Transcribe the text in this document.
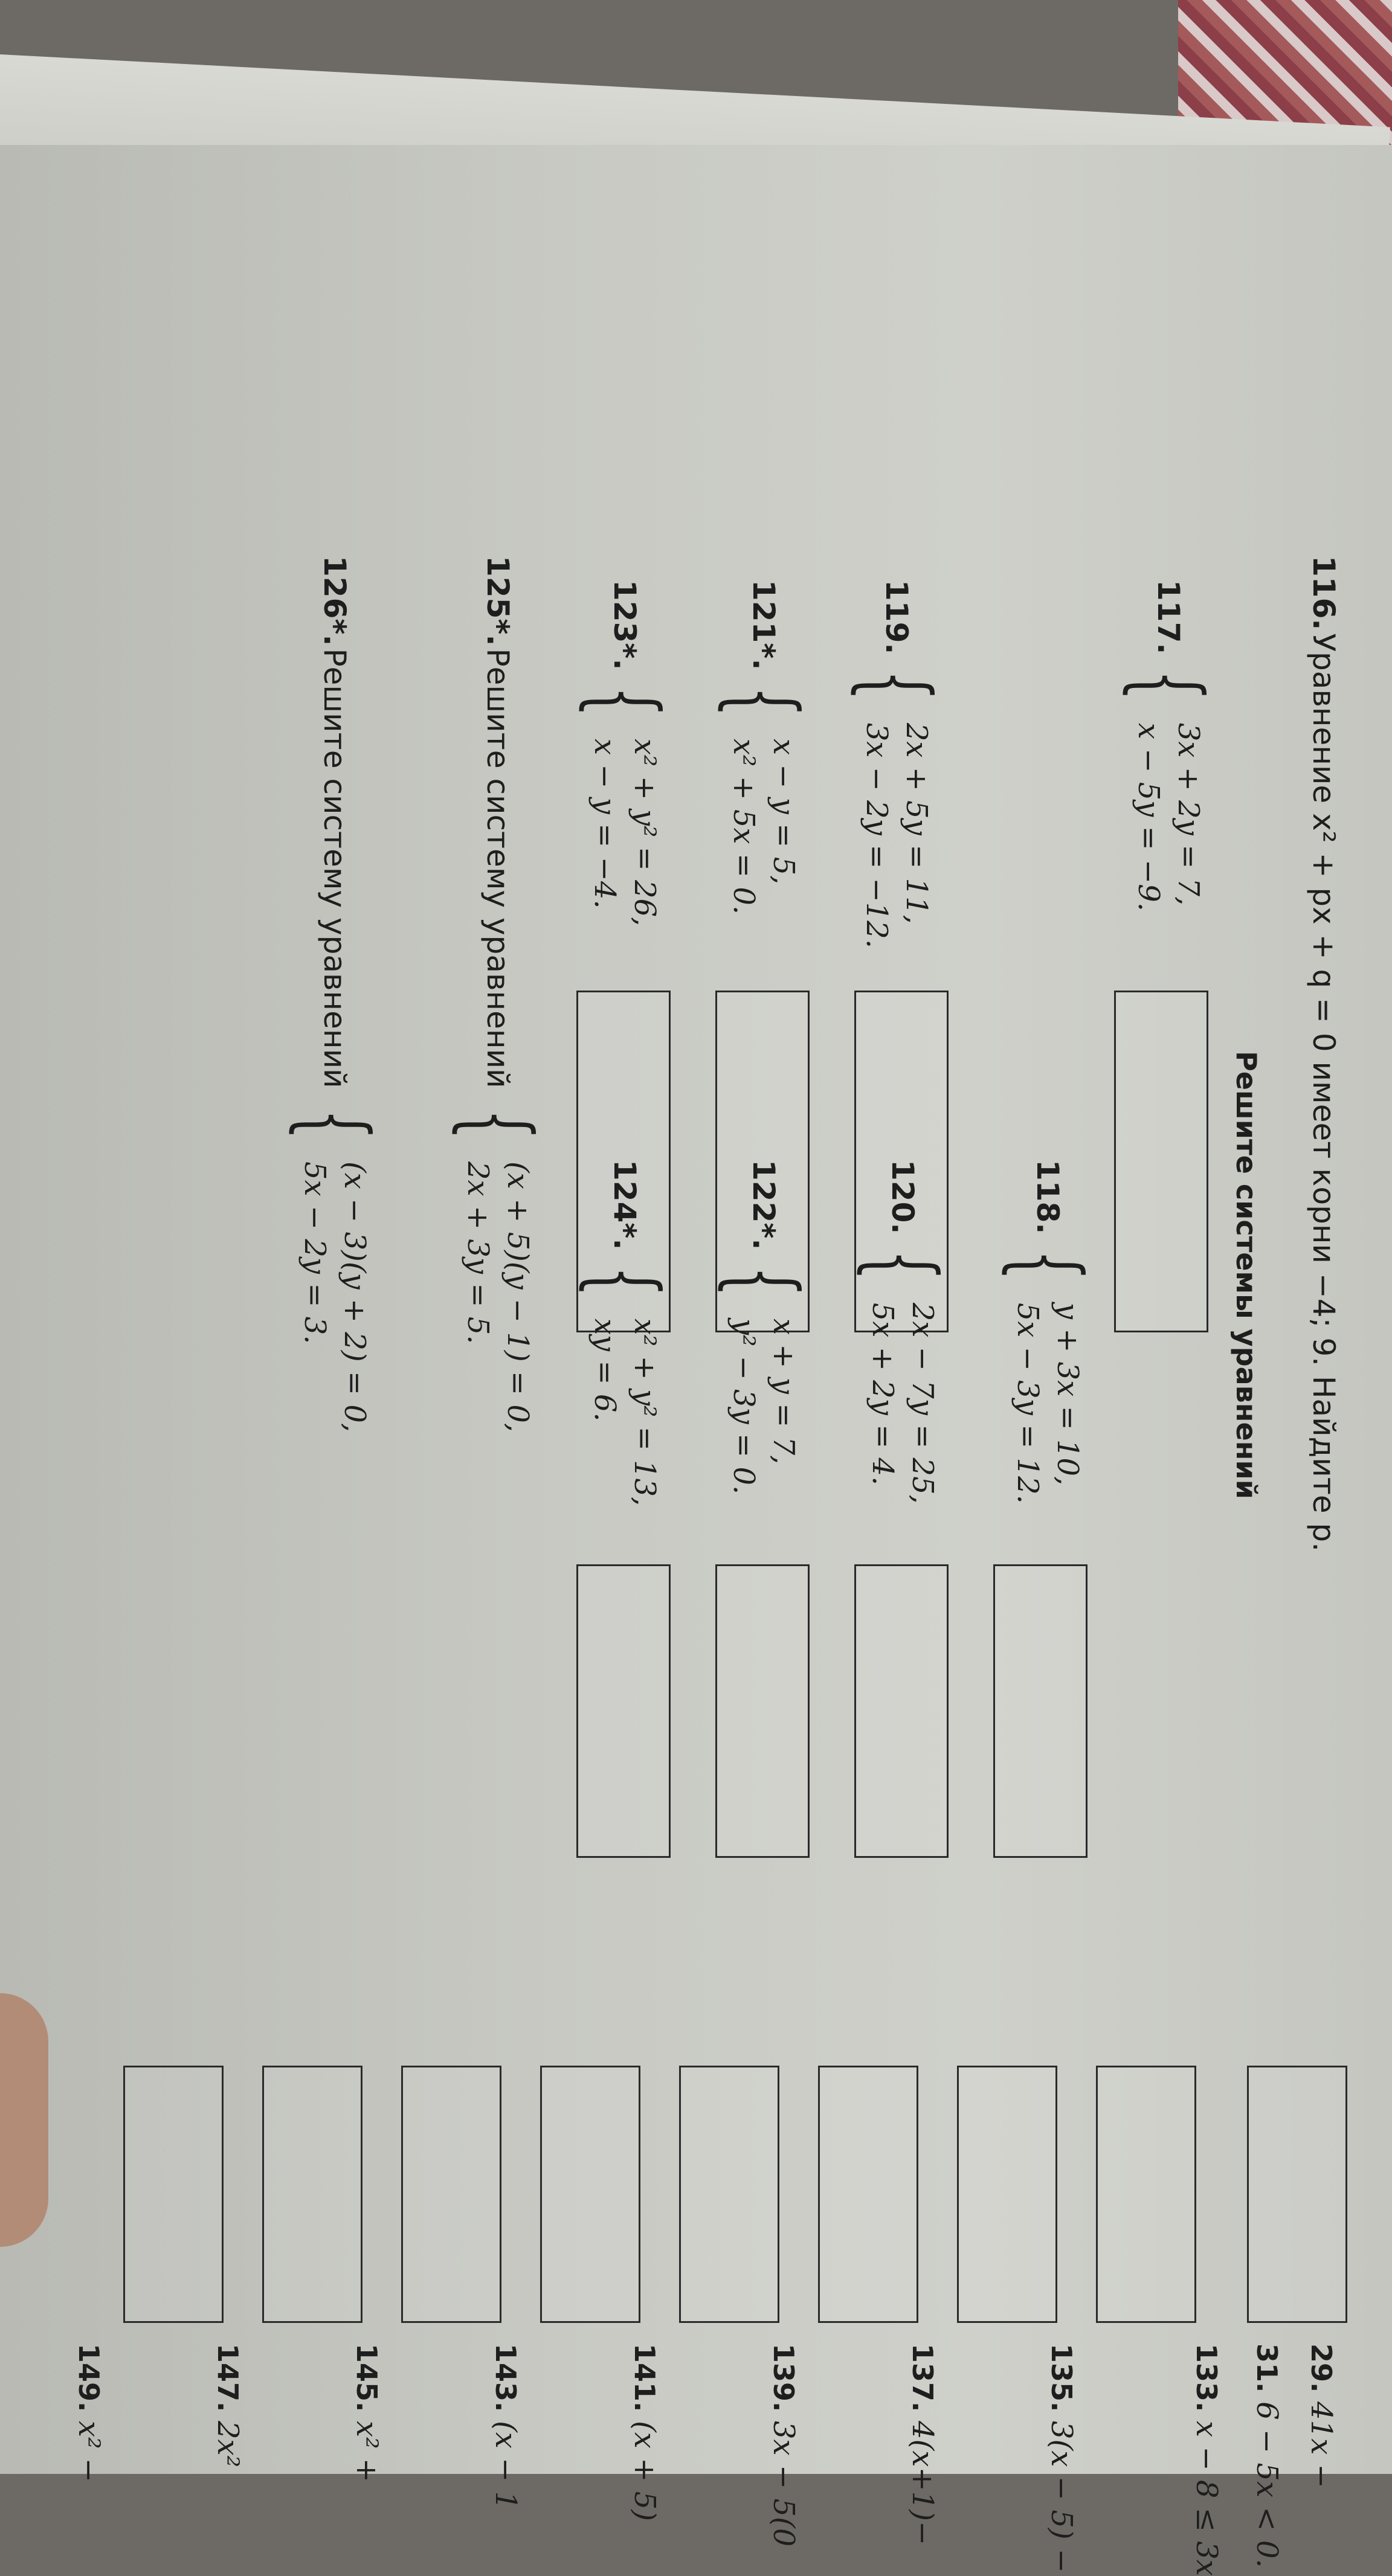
116. Уравнение x² + px + q = 0 имеет корни −4; 9. Найдите p.
Решите системы уравнений
117.
{
3x + 2y = 7,
x − 5y = −9.
118.
{
y + 3x = 10,
5x − 3y = 12.
119.
{
2x + 5y = 11,
3x − 2y = −12.
120.
{
2x − 7y = 25,
5x + 2y = 4.
121*.
{
x − y = 5,
x² + 5x = 0.
122*.
{
x + y = 7,
y² − 3y = 0.
123*.
{
x² + y² = 26,
x − y = −4.
124*.
{
x² + y² = 13,
xy = 6.
125*.
Решите систему уравнений
{
(x + 5)(y − 1) = 0,
2x + 3y = 5.
126*.
Решите систему уравнений
{
(x − 3)(y + 2) = 0,
5x − 2y = 3.
29. 41x −
31. 6 − 5x < 0.
133. x − 8 ≤ 3x
135. 3(x − 5) −
137. 4(x+1)−
139. 3x − 5(0
141. (x + 5)
143. (x − 1
145. x² +
147. 2x²
149. x² −
